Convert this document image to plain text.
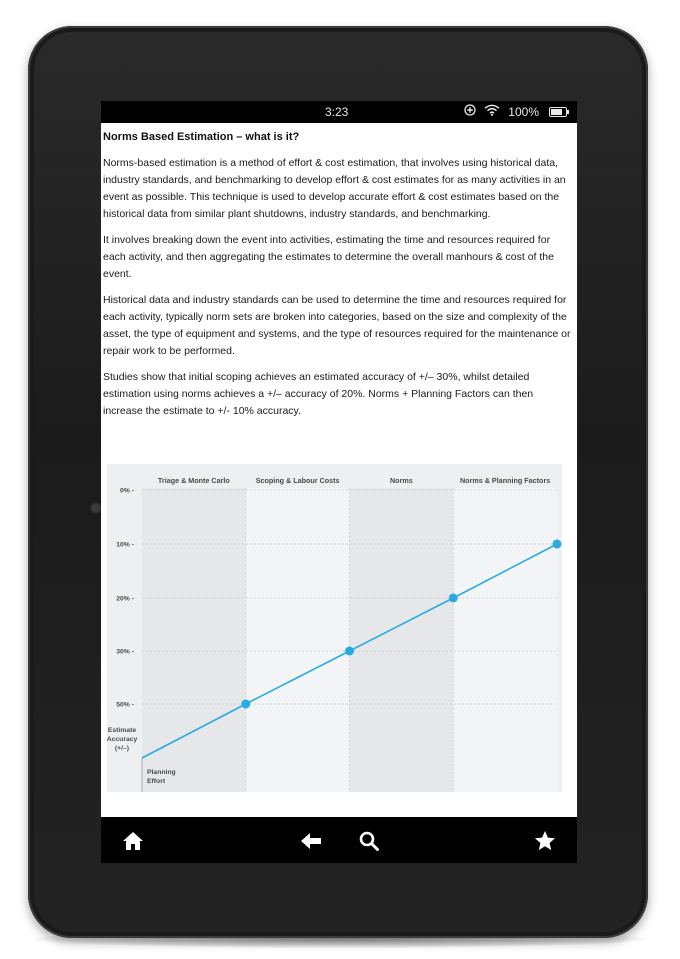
3:23	100%
Norms Based Estimation – what is it?

Norms-based estimation is a method of effort & cost estimation, that involves using historical data, industry standards, and benchmarking to develop effort & cost estimates for as many activities in an event as possible. This technique is used to develop accurate effort & cost estimates based on the historical data from similar plant shutdowns, industry standards, and benchmarking.

It involves breaking down the event into activities, estimating the time and resources required for each activity, and then aggregating the estimates to determine the overall manhours & cost of the event.

Historical data and industry standards can be used to determine the time and resources required for each activity, typically norm sets are broken into categories, based on the size and complexity of the asset, the type of equipment and systems, and the type of resources required for the maintenance or repair work to be performed.

Studies show that initial scoping achieves an estimated accuracy of +/– 30%, whilst detailed estimation using norms achieves a +/– accuracy of 20%. Norms + Planning Factors can then increase the estimate to +/- 10% accuracy.

Triage & Monte Carlo	Scoping & Labour Costs	Norms	Norms & Planning Factors
0% -
10% -
20% -
30% -
50% -
Estimate Accuracy (+/–)
Planning Effort
